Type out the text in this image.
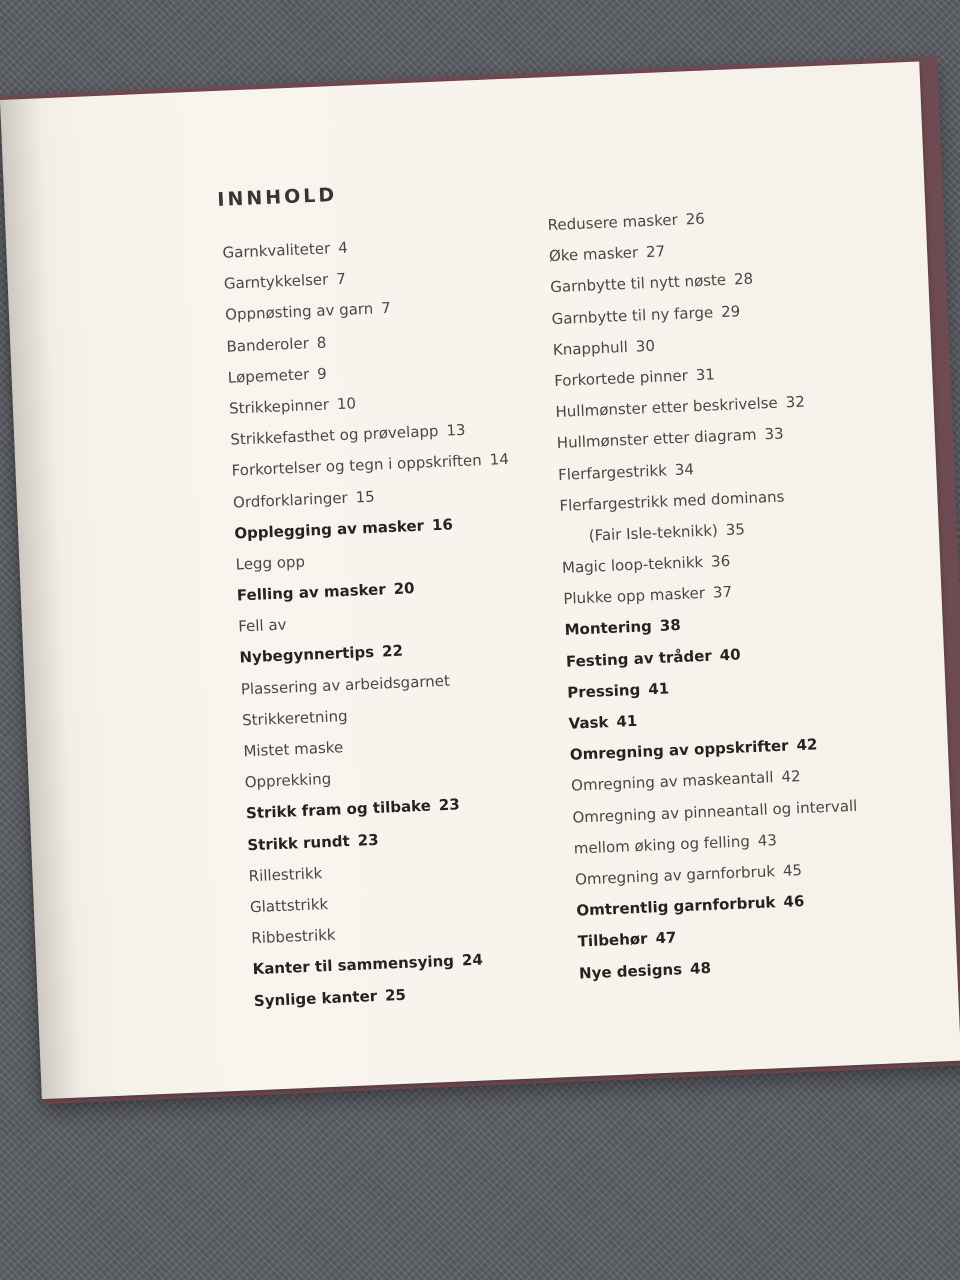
INNHOLD
Garnkvaliteter 4
Garntykkelser 7
Oppnøsting av garn 7
Banderoler 8
Løpemeter 9
Strikkepinner 10
Strikkefasthet og prøvelapp 13
Forkortelser og tegn i oppskriften 14
Ordforklaringer 15
Opplegging av masker 16
Legg opp
Felling av masker 20
Fell av
Nybegynnertips 22
Plassering av arbeidsgarnet
Strikkeretning
Mistet maske
Opprekking
Strikk fram og tilbake 23
Strikk rundt 23
Rillestrikk
Glattstrikk
Ribbestrikk
Kanter til sammensying 24
Synlige kanter 25
Redusere masker 26
Øke masker 27
Garnbytte til nytt nøste 28
Garnbytte til ny farge 29
Knapphull 30
Forkortede pinner 31
Hullmønster etter beskrivelse 32
Hullmønster etter diagram 33
Flerfargestrikk 34
Flerfargestrikk med dominans
(Fair Isle-teknikk) 35
Magic loop-teknikk 36
Plukke opp masker 37
Montering 38
Festing av tråder 40
Pressing 41
Vask 41
Omregning av oppskrifter 42
Omregning av maskeantall 42
Omregning av pinneantall og intervall
mellom øking og felling 43
Omregning av garnforbruk 45
Omtrentlig garnforbruk 46
Tilbehør 47
Nye designs 48
